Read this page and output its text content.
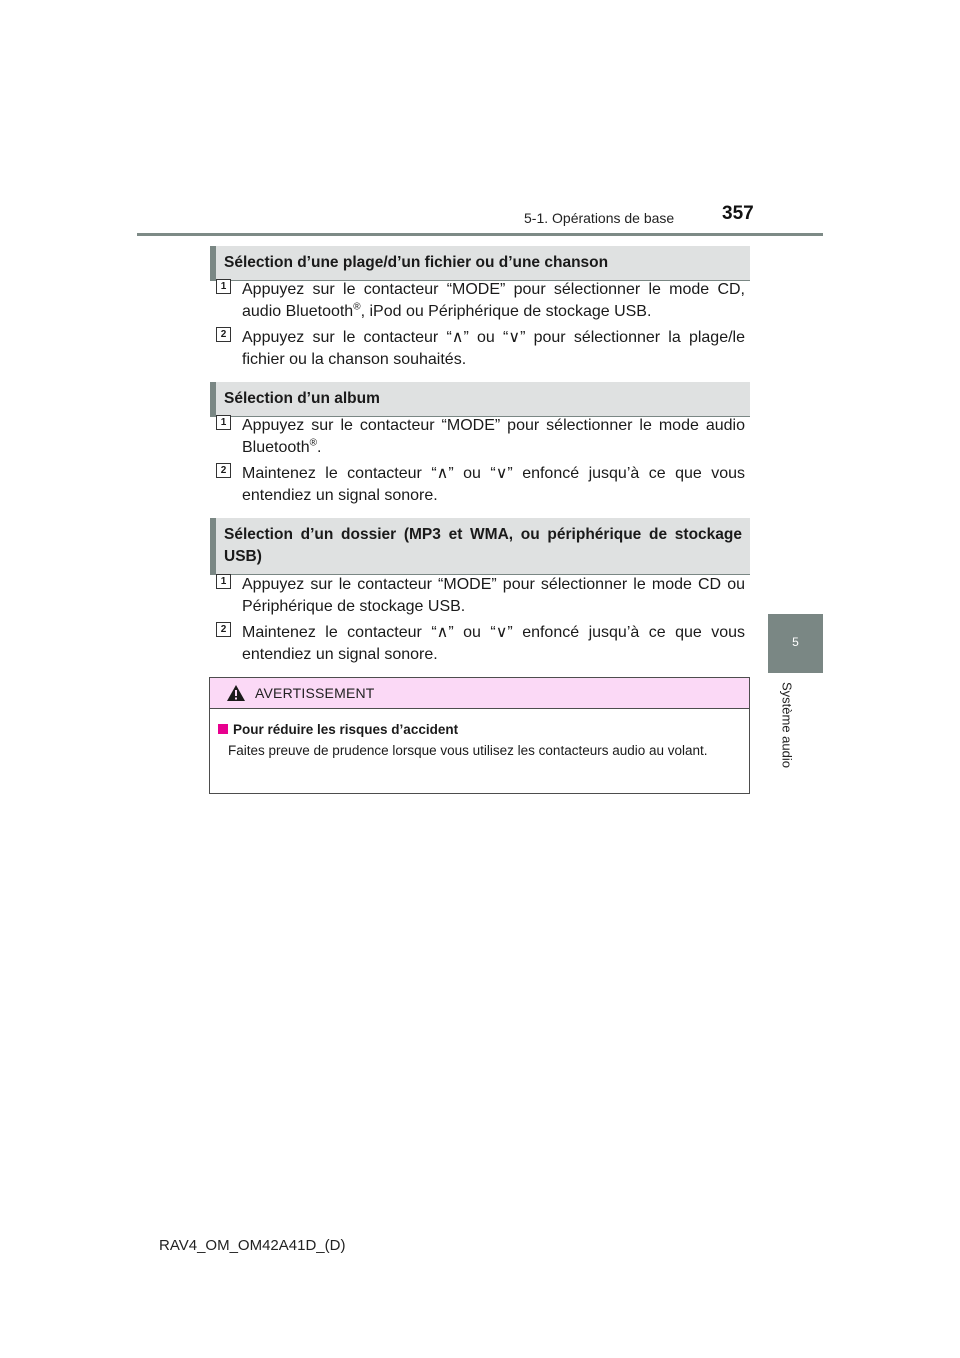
5-1. Opérations de base	357
5
Système audio
Sélection d’une plage/d’un fichier ou d’une chanson
1 Appuyez sur le contacteur “MODE” pour sélectionner le mode CD, audio Bluetooth®, iPod ou Périphérique de stockage USB.
2 Appuyez sur le contacteur “∧” ou “∨” pour sélectionner la plage/le fichier ou la chanson souhaités.
Sélection d’un album
1 Appuyez sur le contacteur “MODE” pour sélectionner le mode audio Bluetooth®.
2 Maintenez le contacteur “∧” ou “∨” enfoncé jusqu’à ce que vous entendiez un signal sonore.
Sélection d’un dossier (MP3 et WMA, ou périphérique de stockage USB)
1 Appuyez sur le contacteur “MODE” pour sélectionner le mode CD ou Périphérique de stockage USB.
2 Maintenez le contacteur “∧” ou “∨” enfoncé jusqu’à ce que vous entendiez un signal sonore.
AVERTISSEMENT
Pour réduire les risques d’accident
Faites preuve de prudence lorsque vous utilisez les contacteurs audio au volant.
RAV4_OM_OM42A41D_(D)
